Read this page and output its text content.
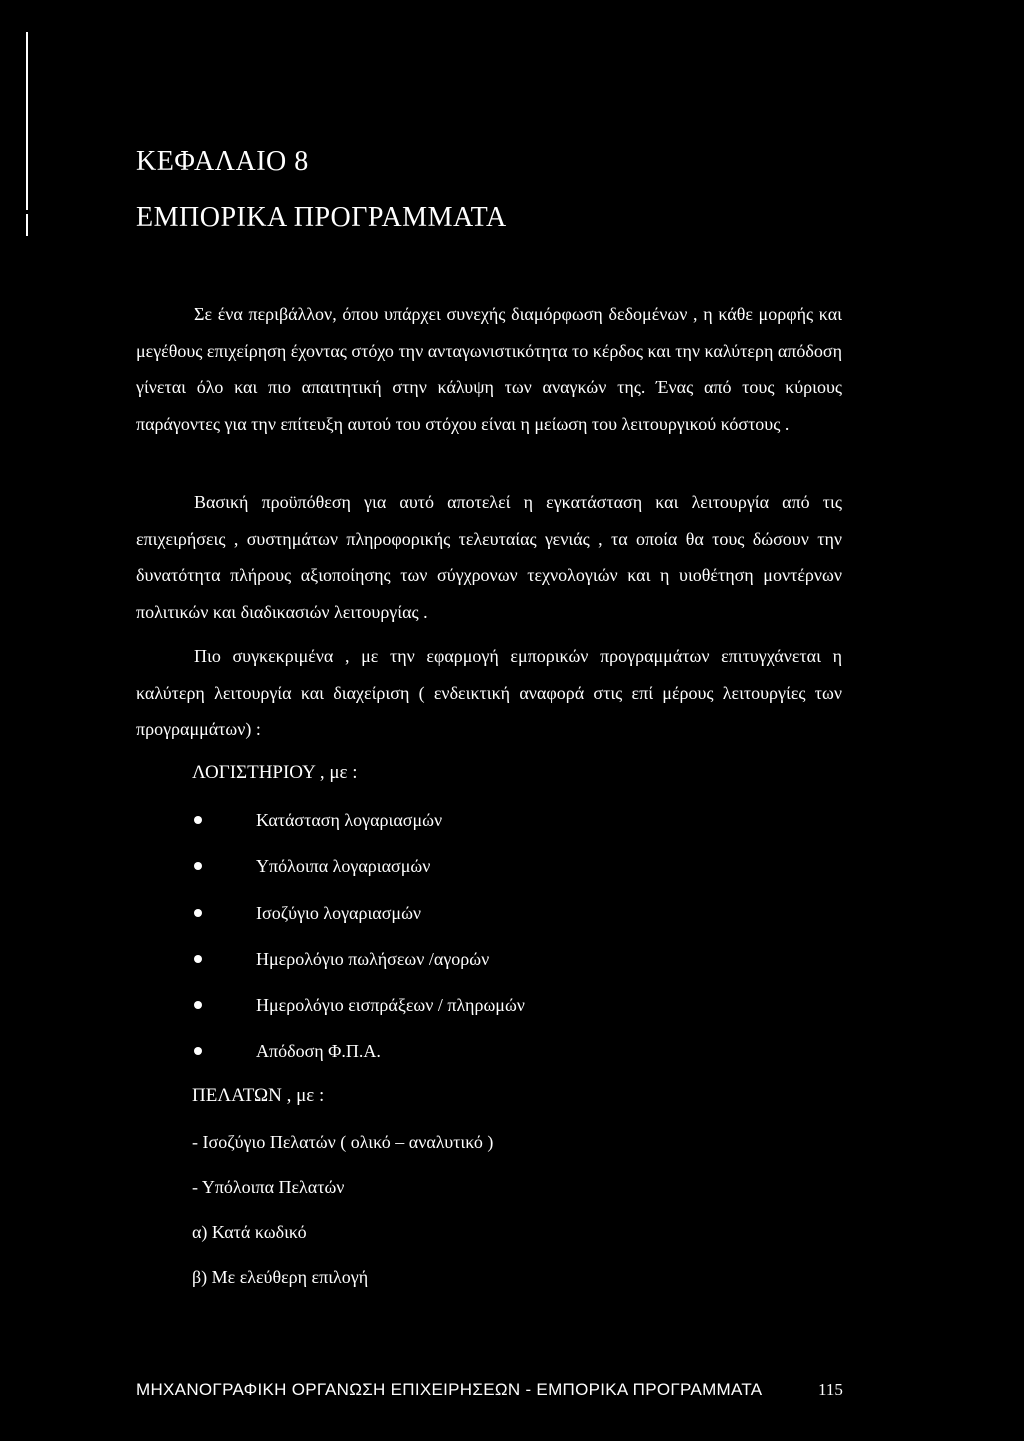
ΚΕΦΑΛΑΙΟ 8
ΕΜΠΟΡΙΚΑ ΠΡΟΓΡΑΜΜΑΤΑ

Σε ένα περιβάλλον, όπου υπάρχει συνεχής διαμόρφωση δεδομένων , η κάθε μορφής και μεγέθους επιχείρηση έχοντας στόχο την ανταγωνιστικότητα το κέρδος και την καλύτερη απόδοση γίνεται όλο και πιο απαιτητική στην κάλυψη των αναγκών της. Ένας από τους κύριους παράγοντες για την επίτευξη αυτού του στόχου είναι η μείωση του λειτουργικού κόστους .

Βασική προϋπόθεση για αυτό αποτελεί η εγκατάσταση και λειτουργία από τις επιχειρήσεις , συστημάτων πληροφορικής τελευταίας γενιάς , τα οποία θα τους δώσουν την δυνατότητα πλήρους αξιοποίησης των σύγχρονων τεχνολογιών και η υιοθέτηση μοντέρνων πολιτικών και διαδικασιών λειτουργίας .

Πιο συγκεκριμένα , με την εφαρμογή εμπορικών προγραμμάτων επιτυγχάνεται η καλύτερη λειτουργία και διαχείριση ( ενδεικτική αναφορά στις επί μέρους λειτουργίες των προγραμμάτων) :

ΛΟΓΙΣΤΗΡΙΟΥ , με :
Κατάσταση λογαριασμών
Υπόλοιπα λογαριασμών
Ισοζύγιο λογαριασμών
Ημερολόγιο πωλήσεων /αγορών
Ημερολόγιο εισπράξεων / πληρωμών
Απόδοση Φ.Π.Α.
ΠΕΛΑΤΩΝ , με :
- Ισοζύγιο Πελατών ( ολικό – αναλυτικό )
- Υπόλοιπα Πελατών
α) Κατά κωδικό
β) Με ελεύθερη επιλογή
ΜΗΧΑΝΟΓΡΑΦΙΚΗ ΟΡΓΑΝΩΣΗ ΕΠΙΧΕΙΡΗΣΕΩΝ - ΕΜΠΟΡΙΚΑ ΠΡΟΓΡΑΜΜΑΤΑ	115
